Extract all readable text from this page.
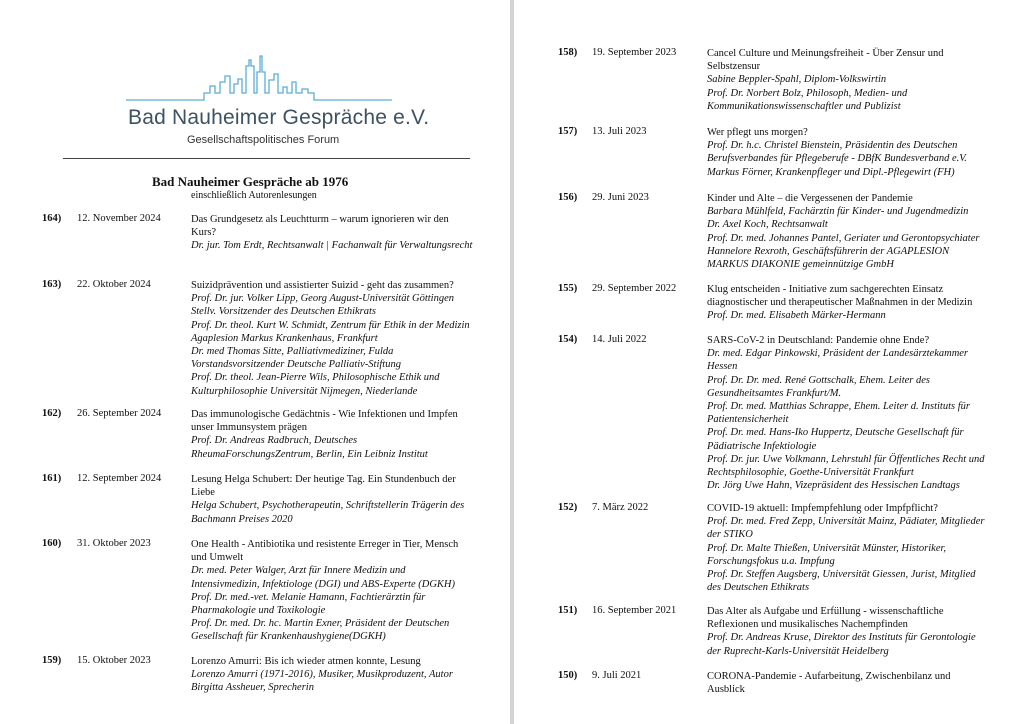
Bad Nauheimer Gespräche e.V.
Gesellschaftspolitisches Forum
Bad Nauheimer Gespräche ab 1976
einschließlich Autorenlesungen
164) 12. November 2024	Das Grundgesetz als Leuchtturm – warum ignorieren wir den Kurs?
Dr. jur. Tom Erdt, Rechtsanwalt | Fachanwalt für Verwaltungsrecht
163) 22. Oktober 2024	Suizidprävention und assistierter Suizid - geht das zusammen?
Prof. Dr. jur. Volker Lipp, Georg August-Universität Göttingen Stellv. Vorsitzender des Deutschen Ethikrats
Prof. Dr. theol. Kurt W. Schmidt, Zentrum für Ethik in der Medizin Agaplesion Markus Krankenhaus, Frankfurt
Dr. med Thomas Sitte, Palliativmediziner, Fulda Vorstandsvorsitzender Deutsche Palliativ-Stiftung
Prof. Dr. theol. Jean-Pierre Wils, Philosophische Ethik und Kulturphilosophie Universität Nijmegen, Niederlande
162) 26. September 2024	Das immunologische Gedächtnis - Wie Infektionen und Impfen unser Immunsystem prägen
Prof. Dr. Andreas Radbruch, Deutsches RheumaForschungsZentrum, Berlin, Ein Leibniz Institut
161) 12. September 2024	Lesung Helga Schubert: Der heutige Tag. Ein Stundenbuch der Liebe
Helga Schubert, Psychotherapeutin, Schriftstellerin Trägerin des Bachmann Preises 2020
160) 31. Oktober 2023	One Health - Antibiotika und resistente Erreger in Tier, Mensch und Umwelt
Dr. med. Peter Walger, Arzt für Innere Medizin und Intensivmedizin, Infektiologe (DGI) und ABS-Experte (DGKH)
Prof. Dr. med.-vet. Melanie Hamann, Fachtierärztin für Pharmakologie und Toxikologie
Prof. Dr. med. Dr. hc. Martin Exner, Präsident der Deutschen Gesellschaft für Krankenhaushygiene(DGKH)
159) 15. Oktober 2023	Lorenzo Amurri: Bis ich wieder atmen konnte, Lesung
Lorenzo Amurri (1971-2016), Musiker, Musikproduzent, Autor Birgitta Assheuer, Sprecherin
158) 19. September 2023	Cancel Culture und Meinungsfreiheit - Über Zensur und Selbstzensur
Sabine Beppler-Spahl, Diplom-Volkswirtin
Prof. Dr. Norbert Bolz, Philosoph, Medien- und Kommunikationswissenschaftler und Publizist
157) 13. Juli 2023	Wer pflegt uns morgen?
Prof. Dr. h.c. Christel Bienstein, Präsidentin des Deutschen Berufsverbandes für Pflegeberufe - DBfK Bundesverband e.V.
Markus Förner, Krankenpfleger und Dipl.-Pflegewirt (FH)
156) 29. Juni 2023	Kinder und Alte – die Vergessenen der Pandemie
Barbara Mühlfeld, Fachärztin für Kinder- und Jugendmedizin
Dr. Axel Koch, Rechtsanwalt
Prof. Dr. med. Johannes Pantel, Geriater und Gerontopsychiater
Hannelore Rexroth, Geschäftsführerin der AGAPLESION MARKUS DIAKONIE gemeinnützige GmbH
155) 29. September 2022	Klug entscheiden - Initiative zum sachgerechten Einsatz diagnostischer und therapeutischer Maßnahmen in der Medizin
Prof. Dr. med. Elisabeth Märker-Hermann
154) 14. Juli 2022	SARS-CoV-2 in Deutschland: Pandemie ohne Ende?
Dr. med. Edgar Pinkowski, Präsident der Landesärztekammer Hessen
Prof. Dr. Dr. med. René Gottschalk, Ehem. Leiter des Gesundheitsamtes Frankfurt/M.
Prof. Dr. med. Matthias Schrappe, Ehem. Leiter d. Instituts für Patientensicherheit
Prof. Dr. med. Hans-Iko Huppertz, Deutsche Gesellschaft für Pädiatrische Infektiologie
Prof. Dr. jur. Uwe Volkmann, Lehrstuhl für Öffentliches Recht und Rechtsphilosophie, Goethe-Universität Frankfurt
Dr. Jörg Uwe Hahn, Vizepräsident des Hessischen Landtags
152) 7. März 2022	COVID-19 aktuell: Impfempfehlung oder Impfpflicht?
Prof. Dr. med. Fred Zepp, Universität Mainz, Pädiater, Mitglieder der STIKO
Prof. Dr. Malte Thießen, Universität Münster, Historiker, Forschungsfokus u.a. Impfung
Prof. Dr. Steffen Augsberg, Universität Giessen, Jurist, Mitglied des Deutschen Ethikrats
151) 16. September 2021	Das Alter als Aufgabe und Erfüllung - wissenschaftliche Reflexionen und musikalisches Nachempfinden
Prof. Dr. Andreas Kruse, Direktor des Instituts für Gerontologie der Ruprecht-Karls-Universität Heidelberg
150) 9. Juli 2021	CORONA-Pandemie - Aufarbeitung, Zwischenbilanz und Ausblick
